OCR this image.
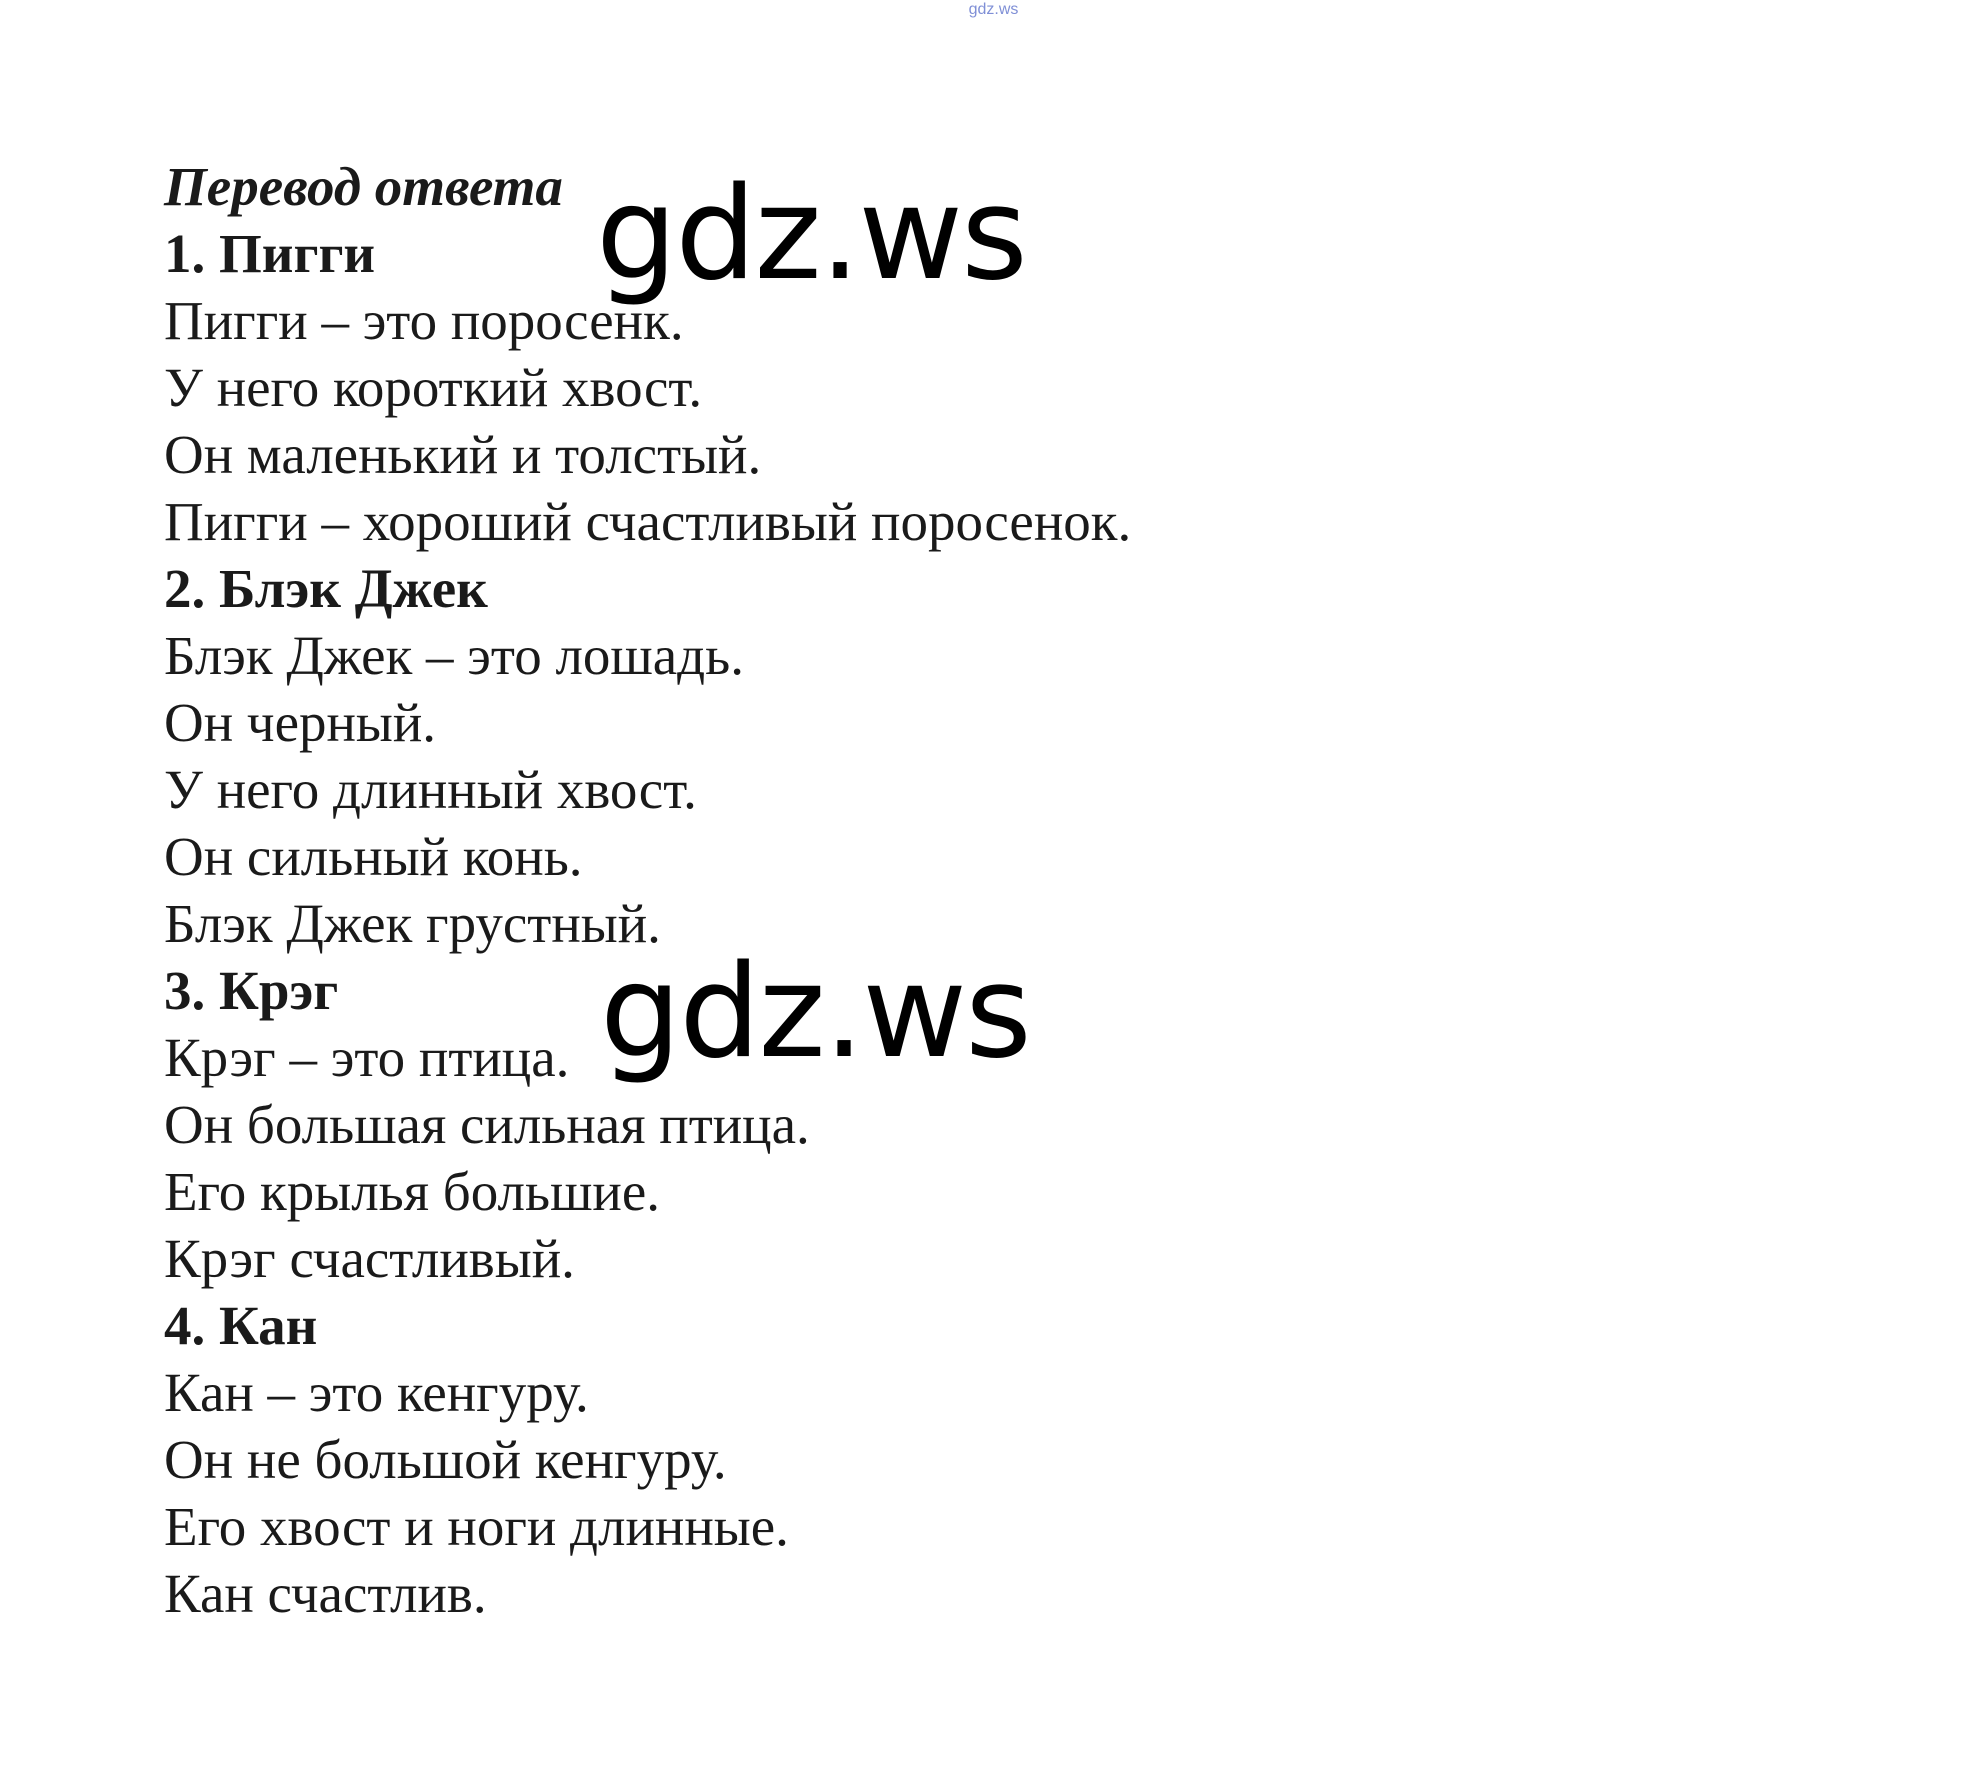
gdz.ws

Перевод ответа

1. Пигги

Пигги – это поросенк.

У него короткий хвост.

Он маленький и толстый.

Пигги – хороший счастливый поросенок.

2. Блэк Джек

Блэк Джек – это лошадь.

Он черный.

У него длинный хвост.

Он сильный конь.

Блэк Джек грустный.

3. Крэг

Крэг – это птица.

Он большая сильная птица.

Его крылья большие.

Крэг счастливый.

4. Кан

Кан – это кенгуру.

Он не большой кенгуру.

Его хвост и ноги длинные.

Кан счастлив.

gdz.ws
gdz.ws
